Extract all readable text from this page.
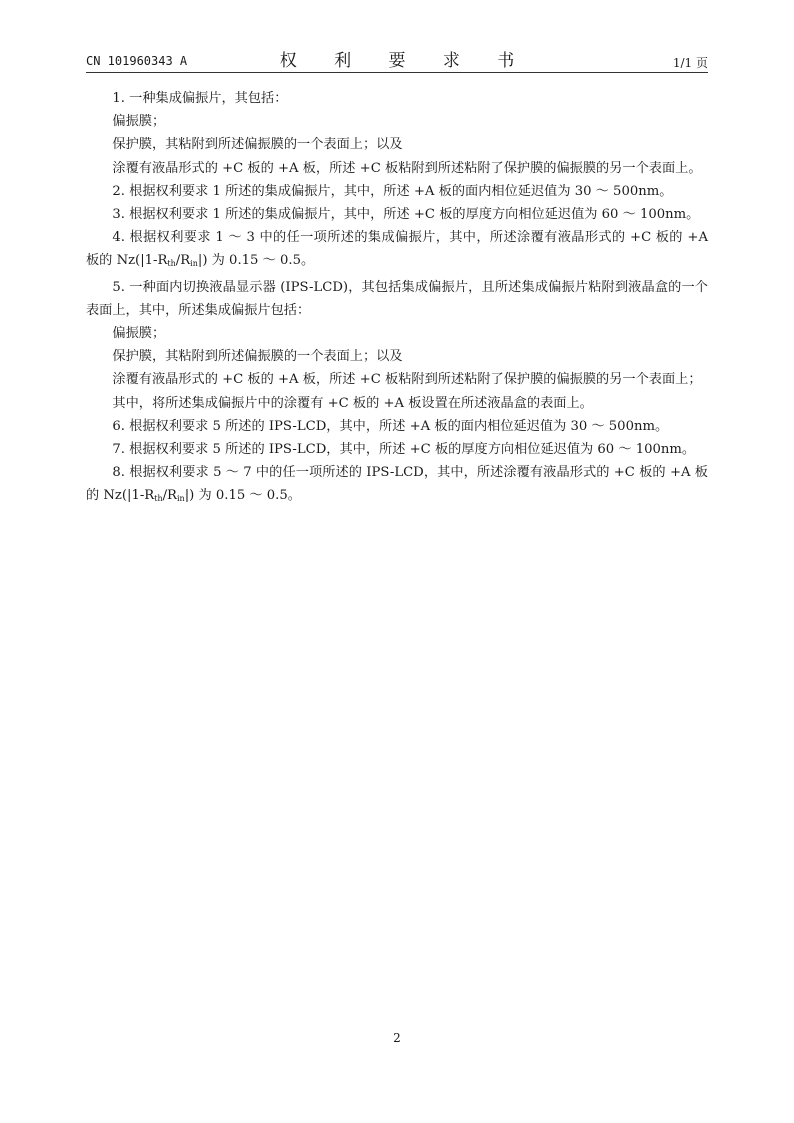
CN 101960343 A	权 利 要 求 书	1/1 页

1. 一种集成偏振片，其包括：

偏振膜；

保护膜，其粘附到所述偏振膜的一个表面上；以及

涂覆有液晶形式的 +C 板的 +A 板，所述 +C 板粘附到所述粘附了保护膜的偏振膜的另一个表面上。

2. 根据权利要求 1 所述的集成偏振片，其中，所述 +A 板的面内相位延迟值为 30 ～ 500nm。

3. 根据权利要求 1 所述的集成偏振片，其中，所述 +C 板的厚度方向相位延迟值为 60 ～ 100nm。

4. 根据权利要求 1 ～ 3 中的任一项所述的集成偏振片，其中，所述涂覆有液晶形式的 +C 板的 +A 板的 $Nz(|1-R_{th}/R_{in}|)$ 为 0.15 ～ 0.5。

5. 一种面内切换液晶显示器 (IPS-LCD)，其包括集成偏振片，且所述集成偏振片粘附到液晶盒的一个表面上，其中，所述集成偏振片包括：

偏振膜；

保护膜，其粘附到所述偏振膜的一个表面上；以及

涂覆有液晶形式的 +C 板的 +A 板，所述 +C 板粘附到所述粘附了保护膜的偏振膜的另一个表面上；

其中，将所述集成偏振片中的涂覆有 +C 板的 +A 板设置在所述液晶盒的表面上。

6. 根据权利要求 5 所述的 IPS-LCD，其中，所述 +A 板的面内相位延迟值为 30 ～ 500nm。

7. 根据权利要求 5 所述的 IPS-LCD，其中，所述 +C 板的厚度方向相位延迟值为 60 ～ 100nm。

8. 根据权利要求 5 ～ 7 中的任一项所述的 IPS-LCD，其中，所述涂覆有液晶形式的 +C 板的 +A 板的 $Nz(|1-R_{th}/R_{in}|)$ 为 0.15 ～ 0.5。

2
